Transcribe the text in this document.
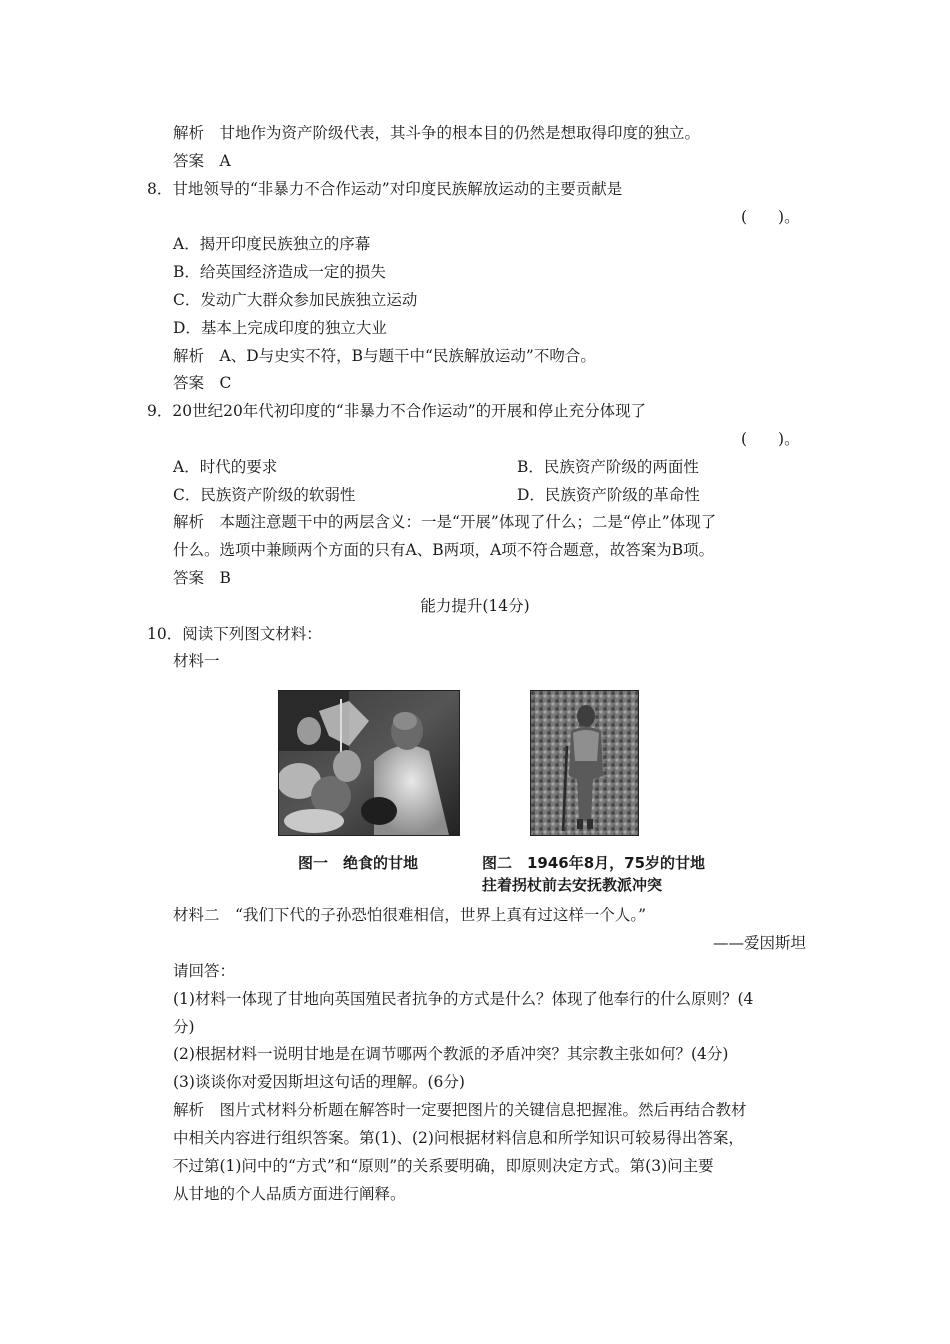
解析　甘地作为资产阶级代表，其斗争的根本目的仍然是想取得印度的独立。
答案　A
8．甘地领导的“非暴力不合作运动”对印度民族解放运动的主要贡献是
(　　)。
A．揭开印度民族独立的序幕
B．给英国经济造成一定的损失
C．发动广大群众参加民族独立运动
D．基本上完成印度的独立大业
解析　A、D与史实不符，B与题干中“民族解放运动”不吻合。
答案　C
9．20世纪20年代初印度的“非暴力不合作运动”的开展和停止充分体现了
(　　)。
A．时代的要求	B．民族资产阶级的两面性
C．民族资产阶级的软弱性	D．民族资产阶级的革命性
解析　本题注意题干中的两层含义：一是“开展”体现了什么；二是“停止”体现了
什么。选项中兼顾两个方面的只有A、B两项，A项不符合题意，故答案为B项。
答案　B
能力提升(14分)
10．阅读下列图文材料：
材料一
图一　绝食的甘地	图二　1946年8月，75岁的甘地
拄着拐杖前去安抚教派冲突
材料二　“我们下代的子孙恐怕很难相信，世界上真有过这样一个人。”
——爱因斯坦
请回答：
(1)材料一体现了甘地向英国殖民者抗争的方式是什么？体现了他奉行的什么原则？(4
分)
(2)根据材料一说明甘地是在调节哪两个教派的矛盾冲突？其宗教主张如何？(4分)
(3)谈谈你对爱因斯坦这句话的理解。(6分)
解析　图片式材料分析题在解答时一定要把图片的关键信息把握准。然后再结合教材
中相关内容进行组织答案。第(1)、(2)问根据材料信息和所学知识可较易得出答案，
不过第(1)问中的“方式”和“原则”的关系要明确，即原则决定方式。第(3)问主要
从甘地的个人品质方面进行阐释。
